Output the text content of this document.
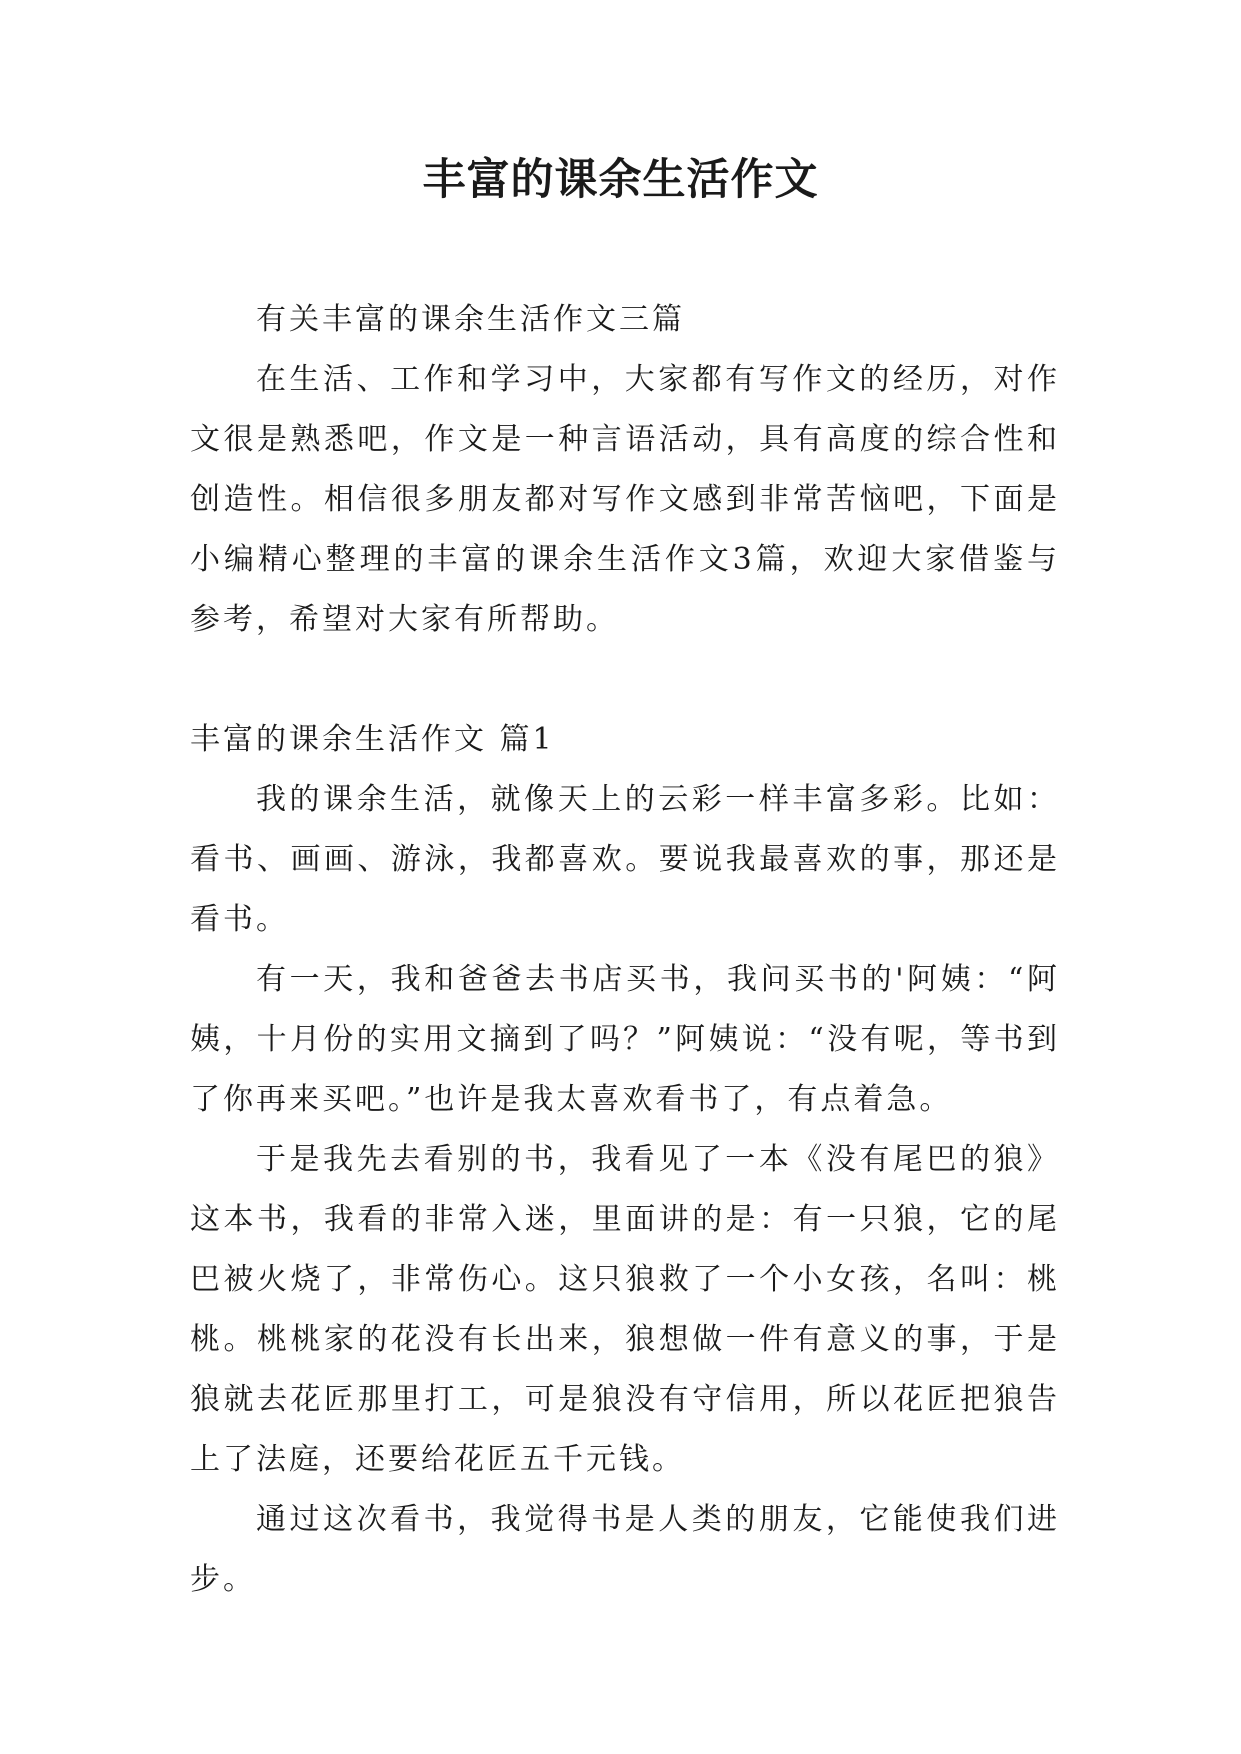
丰富的课余生活作文

有关丰富的课余生活作文三篇

在生活、工作和学习中，大家都有写作文的经历，对作文很是熟悉吧，作文是一种言语活动，具有高度的综合性和创造性。相信很多朋友都对写作文感到非常苦恼吧，下面是小编精心整理的丰富的课余生活作文3篇，欢迎大家借鉴与参考，希望对大家有所帮助。

丰富的课余生活作文 篇1

我的课余生活，就像天上的云彩一样丰富多彩。比如：看书、画画、游泳，我都喜欢。要说我最喜欢的事，那还是看书。

有一天，我和爸爸去书店买书，我问买书的'阿姨：“阿姨，十月份的实用文摘到了吗？”阿姨说：“没有呢，等书到了你再来买吧。”也许是我太喜欢看书了，有点着急。

于是我先去看别的书，我看见了一本《没有尾巴的狼》这本书，我看的非常入迷，里面讲的是：有一只狼，它的尾巴被火烧了，非常伤心。这只狼救了一个小女孩，名叫：桃桃。桃桃家的花没有长出来，狼想做一件有意义的事，于是狼就去花匠那里打工，可是狼没有守信用，所以花匠把狼告上了法庭，还要给花匠五千元钱。

通过这次看书，我觉得书是人类的朋友，它能使我们进步。
